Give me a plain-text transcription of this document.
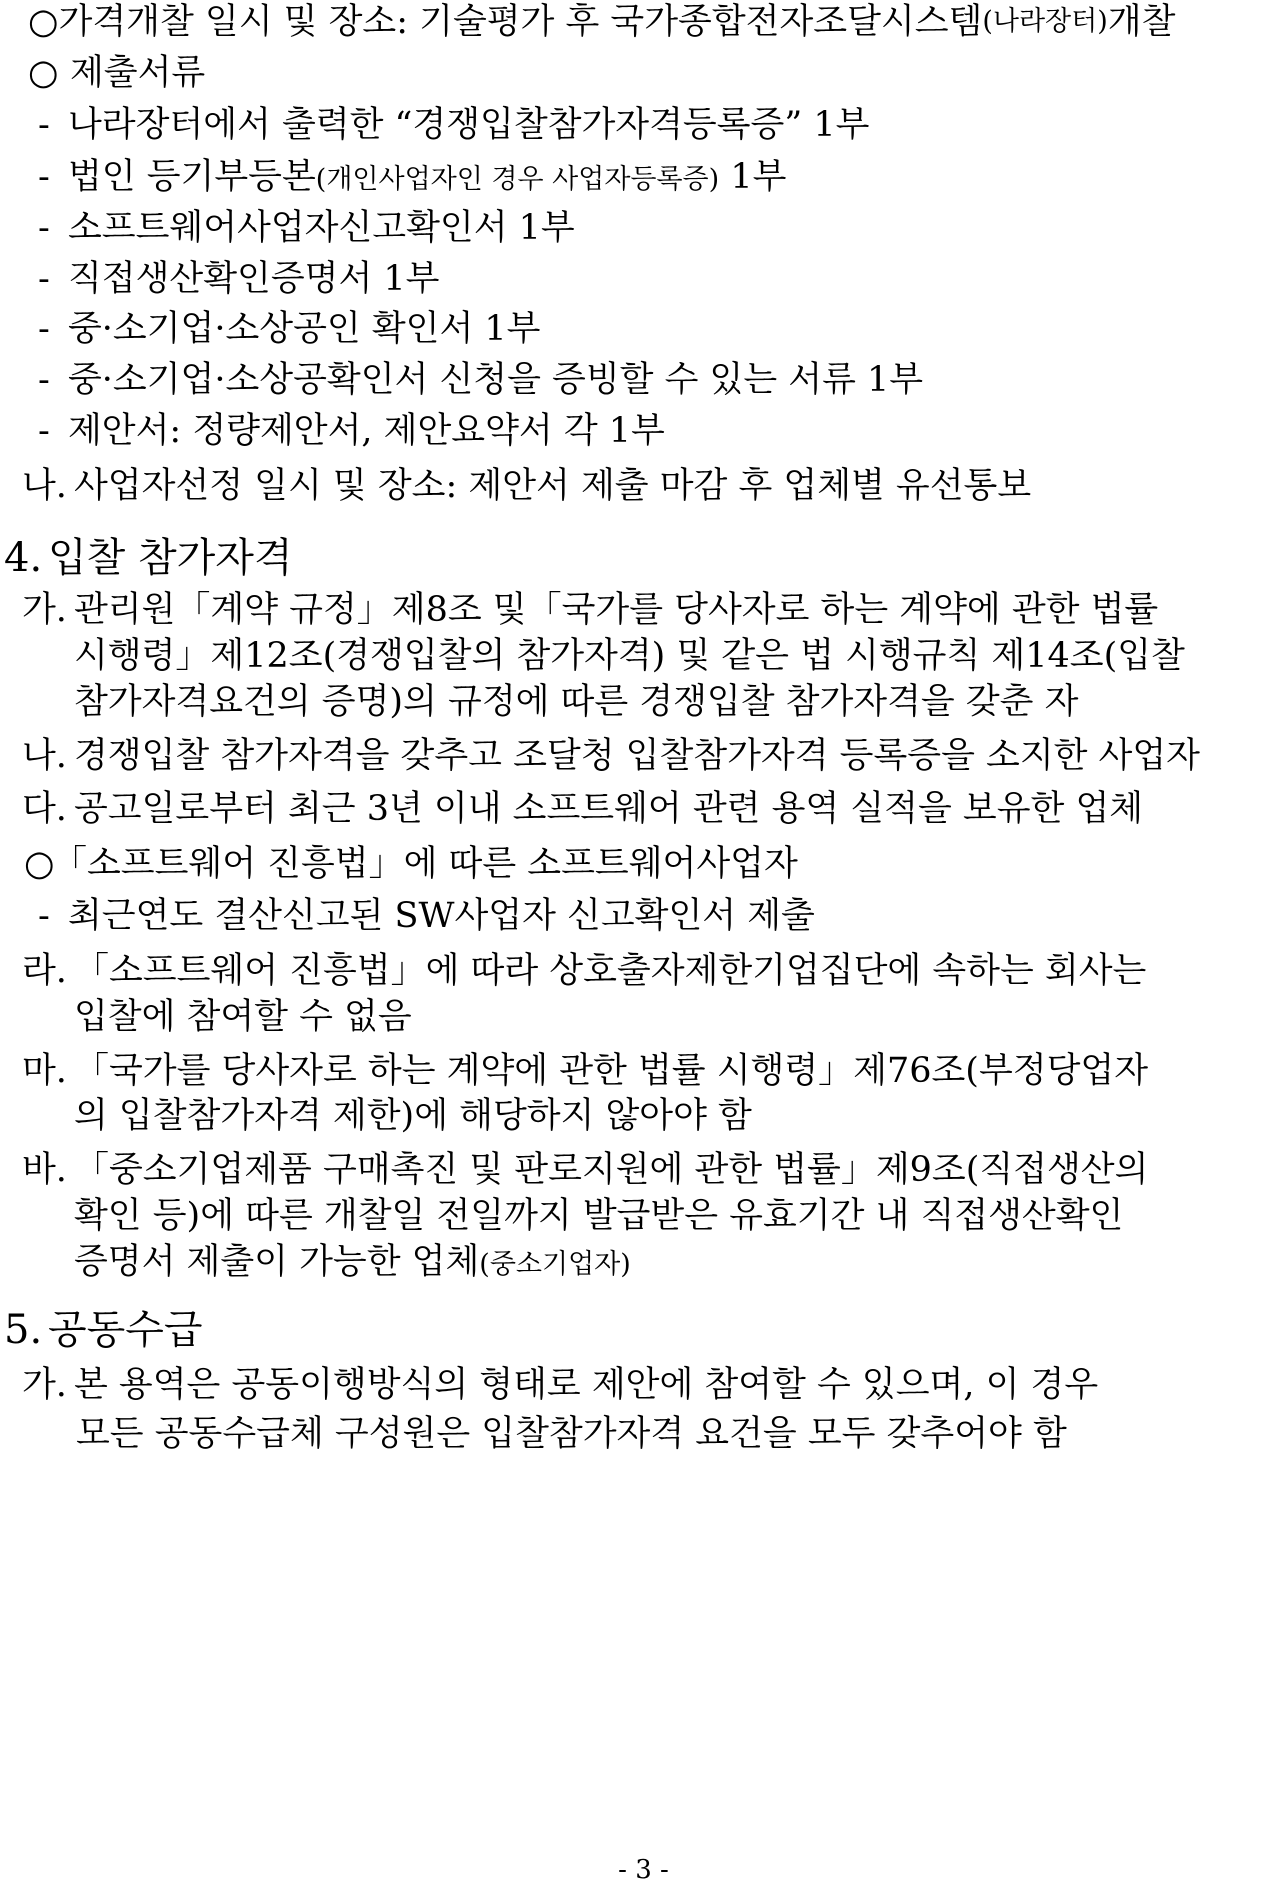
○ 가격개찰 일시 및 장소: 기술평가 후 국가종합전자조달시스템 (나라장터) 개찰
○ 제출서류
- 나라장터에서 출력한 “경쟁입찰참가자격등록증” 1부
- 법인 등기부등본(개인사업자인 경우 사업자등록증) 1부
- 소프트웨어사업자신고확인서 1부
- 직접생산확인증명서 1부
- 중·소기업·소상공인 확인서 1부
- 중·소기업·소상공확인서 신청을 증빙할 수 있는 서류 1부
- 제안서: 정량제안서, 제안요약서 각 1부
나. 사업자선정 일시 및 장소: 제안서 제출 마감 후 업체별 유선통보
4. 입찰 참가자격
가. 관리원「계약 규정」제8조 및「국가를 당사자로 하는 계약에 관한 법률
시행령」제12조(경쟁입찰의 참가자격) 및 같은 법 시행규칙 제14조(입찰
참가자격요건의 증명)의 규정에 따른 경쟁입찰 참가자격을 갖춘 자
나. 경쟁입찰 참가자격을 갖추고 조달청 입찰참가자격 등록증을 소지한 사업자
다. 공고일로부터 최근 3년 이내 소프트웨어 관련 용역 실적을 보유한 업체
○「소프트웨어 진흥법」에 따른 소프트웨어사업자
- 최근연도 결산신고된 SW사업자 신고확인서 제출
라. 「소프트웨어 진흥법」에 따라 상호출자제한기업집단에 속하는 회사는
입찰에 참여할 수 없음
마. 「국가를 당사자로 하는 계약에 관한 법률 시행령」제76조(부정당업자
의 입찰참가자격 제한)에 해당하지 않아야 함
바. 「중소기업제품 구매촉진 및 판로지원에 관한 법률」제9조(직접생산의
확인 등)에 따른 개찰일 전일까지 발급받은 유효기간 내 직접생산확인
증명서 제출이 가능한 업체(중소기업자)
5. 공동수급
가. 본 용역은 공동이행방식의 형태로 제안에 참여할 수 있으며, 이 경우
모든 공동수급체 구성원은 입찰참가자격 요건을 모두 갖추어야 함
- 3 -
